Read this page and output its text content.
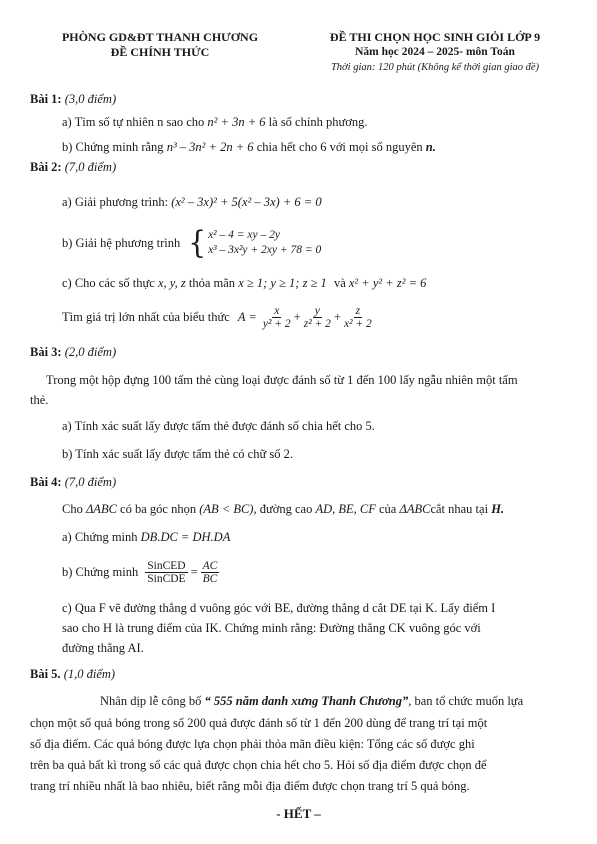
PHÒNG GD&ĐT THANH CHƯƠNG
ĐỀ CHÍNH THỨC
ĐỀ THI CHỌN HỌC SINH GIỎI LỚP 9
Năm học 2024 – 2025- môn Toán
Thời gian: 120 phút (Không kể thời gian giao đề)
Bài 1: (3,0 điểm)
a) Tìm số tự nhiên n sao cho n² + 3n + 6 là số chính phương.
b) Chứng minh rằng n³ – 3n² + 2n + 6 chia hết cho 6 với mọi số nguyên n.
Bài 2: (7,0 điểm)
a) Giải phương trình: (x² – 3x)² + 5(x² – 3x) + 6 = 0
b) Giải hệ phương trình { x² – 4 = xy – 2y
x³ – 3x²y + 2xy + 78 = 0
c) Cho các số thực x, y, z thỏa mãn x ≥ 1; y ≥ 1; z ≥ 1 và x² + y² + z² = 6
Tìm giá trị lớn nhất của biểu thức $A = \frac{x}{\text{y² + 2}} + \frac{y}{\text{z² + 2}} + \frac{z}{\text{x² + 2}}$
Bài 3: (2,0 điểm)
Trong một hộp đựng 100 tấm thẻ cùng loại được đánh số từ 1 đến 100 lấy ngẫu nhiên một tấm
thẻ.
a) Tính xác suất lấy được tấm thẻ được đánh số chia hết cho 5.
b) Tính xác suất lấy được tấm thẻ có chữ số 2.
Bài 4: (7,0 điểm)
Cho ΔABC có ba góc nhọn (AB < BC), đường cao AD, BE, CF của ΔABCcắt nhau tại H.
a) Chứng minh DB.DC = DH.DA
b) Chứng minh $\frac{\text{SinCED}}{\text{SinCDE}} = \frac{AC}{BC}$
c) Qua F vẽ đường thẳng d vuông góc với BE, đường thẳng d cắt DE tại K. Lấy điểm I
sao cho H là trung điểm của IK. Chứng minh rằng: Đường thẳng CK vuông góc với
đường thẳng AI.
Bài 5. (1,0 điểm)
Nhân dịp lễ công bố “ 555 năm danh xưng Thanh Chương”, ban tổ chức muốn lựa
chọn một số quả bóng trong số 200 quả được đánh số từ 1 đến 200 dùng để trang trí tại một
số địa điểm. Các quả bóng được lựa chọn phải thỏa mãn điều kiện: Tổng các số được ghi
trên ba quả bất kì trong số các quả được chọn chia hết cho 5. Hỏi số địa điểm được chọn để
trang trí nhiều nhất là bao nhiêu, biết rằng mỗi địa điểm được chọn trang trí 5 quả bóng.
- HẾT –
